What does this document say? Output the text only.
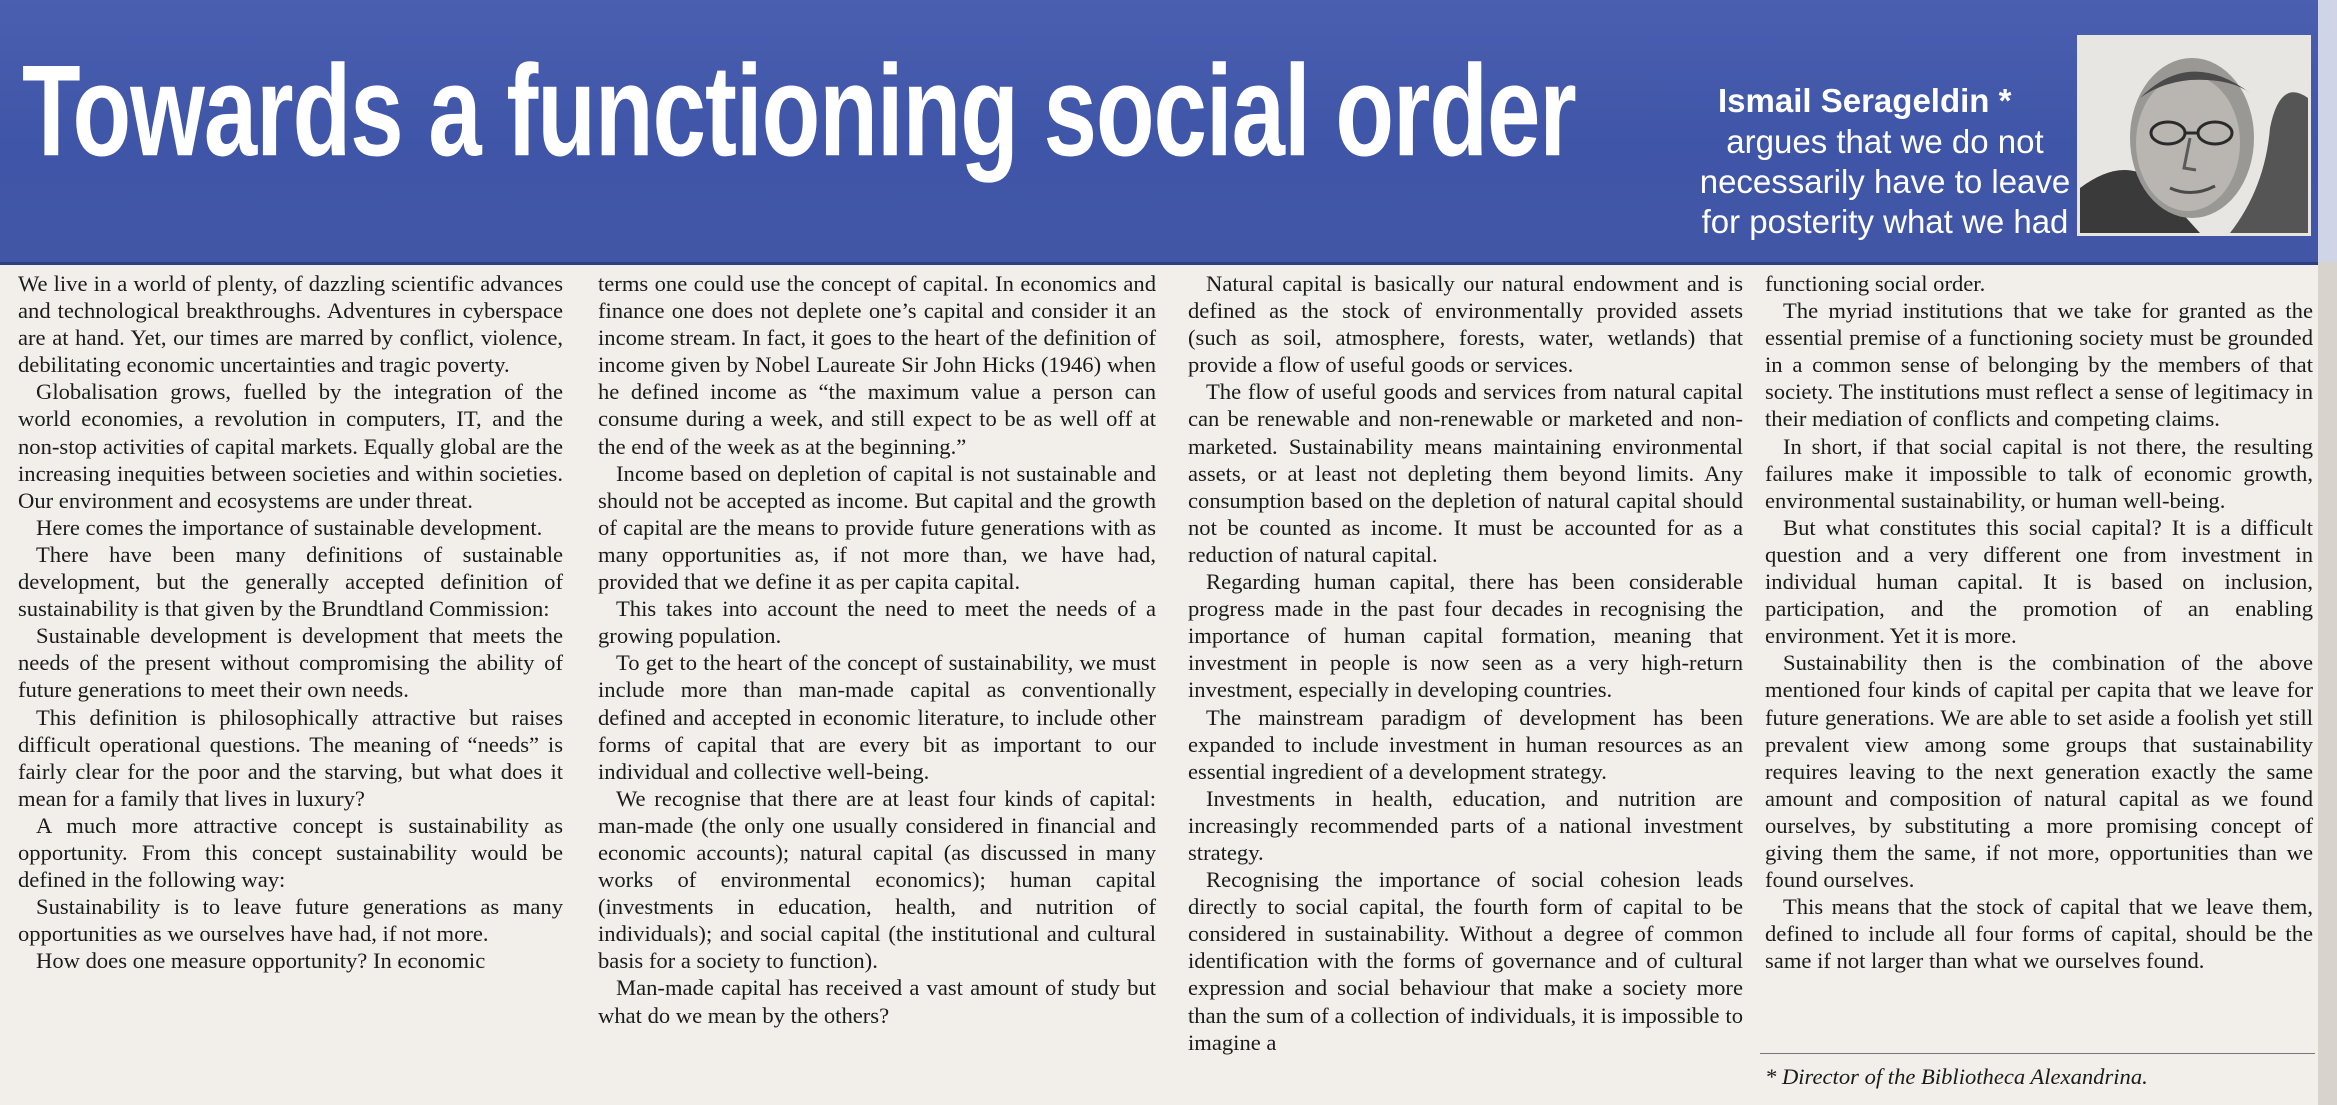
Towards a functioning social order	Ismail Serageldin *
argues that we do not necessarily have to leave for posterity what we had

We live in a world of plenty, of dazzling scientific advances and technological breakthroughs. Adventures in cyberspace are at hand. Yet, our times are marred by conflict, violence, debilitating economic uncertainties and tragic poverty.

Globalisation grows, fuelled by the integration of the world economies, a revolution in computers, IT, and the non-stop activities of capital markets. Equally global are the increasing inequities between societies and within societies. Our environment and ecosystems are under threat.

Here comes the importance of sustainable development.

There have been many definitions of sustainable development, but the generally accepted definition of sustainability is that given by the Brundtland Commission:

Sustainable development is development that meets the needs of the present without compromising the ability of future generations to meet their own needs.

This definition is philosophically attractive but raises difficult operational questions. The meaning of “needs” is fairly clear for the poor and the starving, but what does it mean for a family that lives in luxury?

A much more attractive concept is sustainability as opportunity. From this concept sustainability would be defined in the following way:

Sustainability is to leave future generations as many opportunities as we ourselves have had, if not more.

How does one measure opportunity? In economic

terms one could use the concept of capital. In economics and finance one does not deplete one’s capital and consider it an income stream. In fact, it goes to the heart of the definition of income given by Nobel Laureate Sir John Hicks (1946) when he defined income as “the maximum value a person can consume during a week, and still expect to be as well off at the end of the week as at the beginning.”

Income based on depletion of capital is not sustainable and should not be accepted as income. But capital and the growth of capital are the means to provide future generations with as many opportunities as, if not more than, we have had, provided that we define it as per capita capital.

This takes into account the need to meet the needs of a growing population.

To get to the heart of the concept of sustainability, we must include more than man-made capital as conventionally defined and accepted in economic literature, to include other forms of capital that are every bit as important to our individual and collective well-being.

We recognise that there are at least four kinds of capital: man-made (the only one usually considered in financial and economic accounts); natural capital (as discussed in many works of environmental economics); human capital (investments in education, health, and nutrition of individuals); and social capital (the institutional and cultural basis for a society to function).

Man-made capital has received a vast amount of study but what do we mean by the others?

Natural capital is basically our natural endowment and is defined as the stock of environmentally provided assets (such as soil, atmosphere, forests, water, wetlands) that provide a flow of useful goods or services.

The flow of useful goods and services from natural capital can be renewable and non-renewable or marketed and non-marketed. Sustainability means maintaining environmental assets, or at least not depleting them beyond limits. Any consumption based on the depletion of natural capital should not be counted as income. It must be accounted for as a reduction of natural capital.

Regarding human capital, there has been considerable progress made in the past four decades in recognising the importance of human capital formation, meaning that investment in people is now seen as a very high-return investment, especially in developing countries.

The mainstream paradigm of development has been expanded to include investment in human resources as an essential ingredient of a development strategy.

Investments in health, education, and nutrition are increasingly recommended parts of a national investment strategy.

Recognising the importance of social cohesion leads directly to social capital, the fourth form of capital to be considered in sustainability. Without a degree of common identification with the forms of governance and of cultural expression and social behaviour that make a society more than the sum of a collection of individuals, it is impossible to imagine a

functioning social order.

The myriad institutions that we take for granted as the essential premise of a functioning society must be grounded in a common sense of belonging by the members of that society. The institutions must reflect a sense of legitimacy in their mediation of conflicts and competing claims.

In short, if that social capital is not there, the resulting failures make it impossible to talk of economic growth, environmental sustainability, or human well-being.

But what constitutes this social capital? It is a difficult question and a very different one from investment in individual human capital. It is based on inclusion, participation, and the promotion of an enabling environment. Yet it is more.

Sustainability then is the combination of the above mentioned four kinds of capital per capita that we leave for future generations. We are able to set aside a foolish yet still prevalent view among some groups that sustainability requires leaving to the next generation exactly the same amount and composition of natural capital as we found ourselves, by substituting a more promising concept of giving them the same, if not more, opportunities than we found ourselves.

This means that the stock of capital that we leave them, defined to include all four forms of capital, should be the same if not larger than what we ourselves found.

* Director of the Bibliotheca Alexandrina.
